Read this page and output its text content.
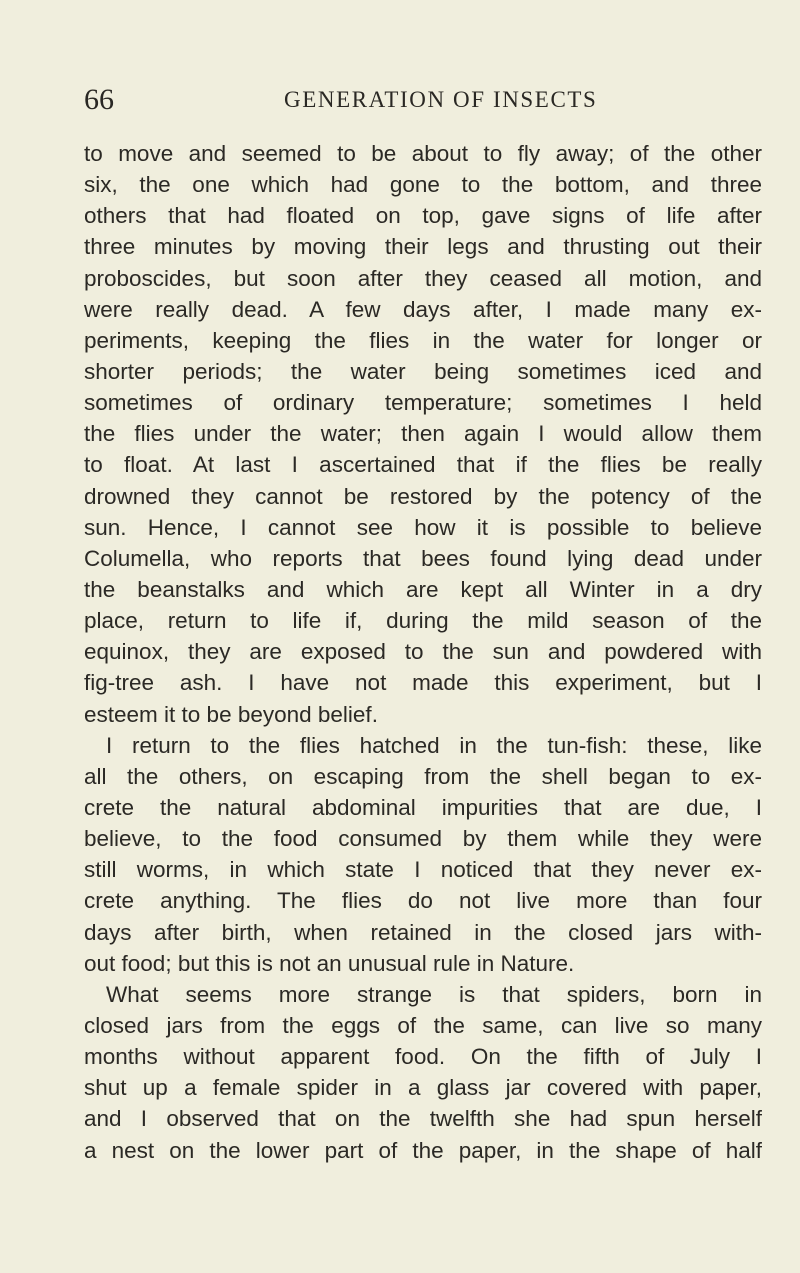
66	GENERATION OF INSECTS
to move and seemed to be about to fly away; of the other
six, the one which had gone to the bottom, and three
others that had floated on top, gave signs of life after
three minutes by moving their legs and thrusting out their
proboscides, but soon after they ceased all motion, and
were really dead. A few days after, I made many ex-
periments, keeping the flies in the water for longer or
shorter periods; the water being sometimes iced and
sometimes of ordinary temperature; sometimes I held
the flies under the water; then again I would allow them
to float. At last I ascertained that if the flies be really
drowned they cannot be restored by the potency of the
sun. Hence, I cannot see how it is possible to believe
Columella, who reports that bees found lying dead under
the beanstalks and which are kept all Winter in a dry
place, return to life if, during the mild season of the
equinox, they are exposed to the sun and powdered with
fig-tree ash. I have not made this experiment, but I
esteem it to be beyond belief.
I return to the flies hatched in the tun-fish: these, like
all the others, on escaping from the shell began to ex-
crete the natural abdominal impurities that are due, I
believe, to the food consumed by them while they were
still worms, in which state I noticed that they never ex-
crete anything. The flies do not live more than four
days after birth, when retained in the closed jars with-
out food; but this is not an unusual rule in Nature.
What seems more strange is that spiders, born in
closed jars from the eggs of the same, can live so many
months without apparent food. On the fifth of July I
shut up a female spider in a glass jar covered with paper,
and I observed that on the twelfth she had spun herself
a nest on the lower part of the paper, in the shape of half
